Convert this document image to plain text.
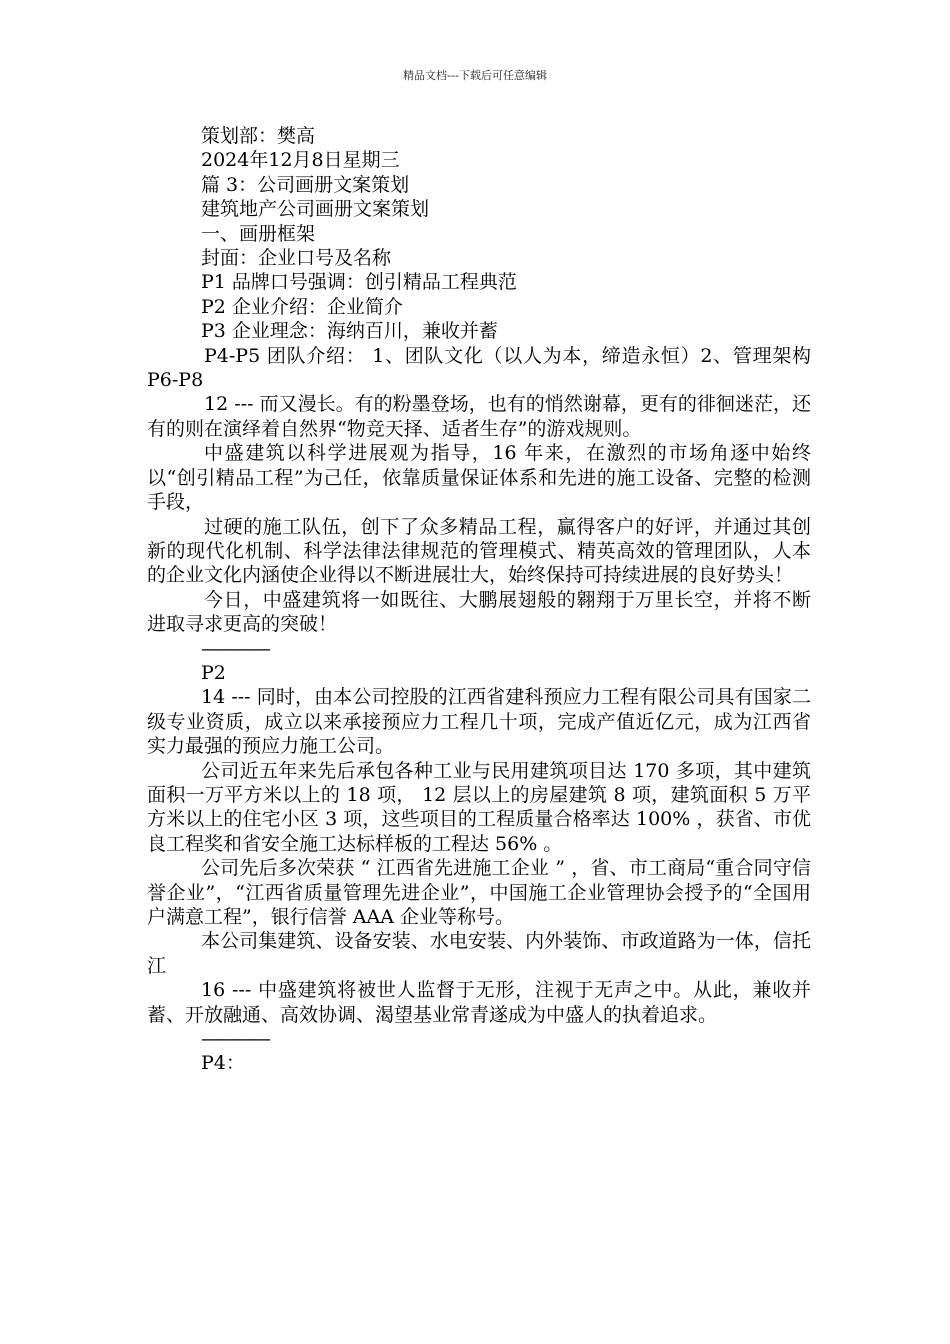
精品文档---下载后可任意编辑
策划部：樊高
2024年12月8日星期三
篇 3：公司画册文案策划
建筑地产公司画册文案策划
一、画册框架
封面：企业口号及名称
P1 品牌口号强调：创引精品工程典范
P2 企业介绍：企业简介
P3 企业理念：海纳百川，兼收并蓄
P4-P5 团队介绍： 1、团队文化（以人为本，缔造永恒）2、管理架构 P6-P8
12 --- 而又漫长。有的粉墨登场，也有的悄然谢幕，更有的徘徊迷茫，还有的则在演绎着自然界“物竞天择、适者生存”的游戏规则。
中盛建筑以科学进展观为指导，16 年来，在激烈的市场角逐中始终以“创引精品工程”为己任，依靠质量保证体系和先进的施工设备、完整的检测手段，
过硬的施工队伍，创下了众多精品工程，赢得客户的好评，并通过其创新的现代化机制、科学法律法律规范的管理模式、精英高效的管理团队，人本的企业文化内涵使企业得以不断进展壮大，始终保持可持续进展的良好势头！
今日，中盛建筑将一如既往、大鹏展翅般的翱翔于万里长空，并将不断进取寻求更高的突破！
————
P2
14 --- 同时，由本公司控股的江西省建科预应力工程有限公司具有国家二级专业资质，成立以来承接预应力工程几十项，完成产值近亿元，成为江西省实力最强的预应力施工公司。
公司近五年来先后承包各种工业与民用建筑项目达 170 多项，其中建筑面积一万平方米以上的 18 项， 12 层以上的房屋建筑 8 项，建筑面积 5 万平方米以上的住宅小区 3 项，这些项目的工程质量合格率达 100% ，获省、市优良工程奖和省安全施工达标样板的工程达 56% 。
公司先后多次荣获 “ 江西省先进施工企业 ” ，省、市工商局“重合同守信誉企业”，“江西省质量管理先进企业”，中国施工企业管理协会授予的“全国用户满意工程”，银行信誉 AAA 企业等称号。
本公司集建筑、设备安装、水电安装、内外装饰、市政道路为一体，信托江
16 --- 中盛建筑将被世人监督于无形，注视于无声之中。从此，兼收并蓄、开放融通、高效协调、渴望基业常青遂成为中盛人的执着追求。
————
P4：
